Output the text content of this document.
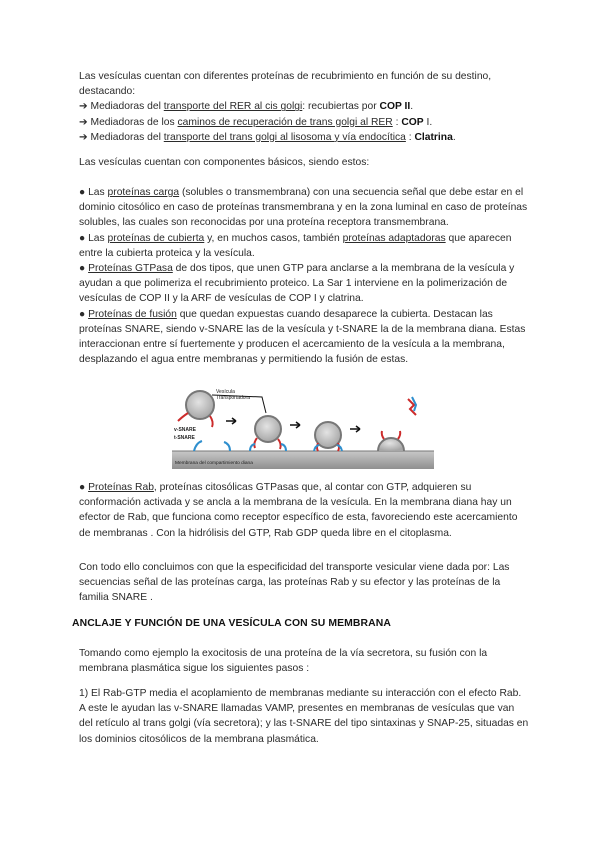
Las vesículas cuentan con diferentes proteínas de recubrimiento en función de su destino, destacando:
➔ Mediadoras del transporte del RER al cis golgi: recubiertas por COP II.
➔ Mediadoras de los caminos de recuperación de trans golgi al RER : COP I.
➔ Mediadoras del transporte del trans golgi al lisosoma y vía endocítica : Clatrina.
Las vesículas cuentan con componentes básicos, siendo estos:
● Las proteínas carga (solubles o transmembrana) con una secuencia señal que debe estar en el dominio citosólico en caso de proteínas transmembrana y en la zona luminal en caso de proteínas solubles, las cuales son reconocidas por una proteína receptora transmembrana.
● Las proteínas de cubierta y, en muchos casos, también proteínas adaptadoras que aparecen entre la cubierta proteica y la vesícula.
● Proteínas GTPasa de dos tipos, que unen GTP para anclarse a la membrana de la vesícula y ayudan a que polimeriza el recubrimiento proteico. La Sar 1 interviene en la polimerización de vesículas de COP II y la ARF de vesículas de COP I y clatrina.
● Proteínas de fusión que quedan expuestas cuando desaparece la cubierta. Destacan las proteínas SNARE, siendo v-SNARE las de la vesícula y t-SNARE la de la membrana diana. Estas interaccionan entre sí fuertemente y producen el acercamiento de la vesícula a la membrana, desplazando el agua entre membranas y permitiendo la fusión de estas.
Vesícula
Transportadora
v-SNARE
t-SNARE
Membrana del compartimiento diana
● Proteínas Rab, proteínas citosólicas GTPasas que, al contar con GTP, adquieren su conformación activada y se ancla a la membrana de la vesícula. En la membrana diana hay un efector de Rab, que funciona como receptor específico de esta, favoreciendo este acercamiento de membranas . Con la hidrólisis del GTP, Rab GDP queda libre en el citoplasma.
Con todo ello concluimos con que la especificidad del transporte vesicular viene dada por: Las secuencias señal de las proteínas carga, las proteínas Rab y su efector y las proteínas de la familia SNARE .
ANCLAJE Y FUNCIÓN DE UNA VESÍCULA CON SU MEMBRANA
Tomando como ejemplo la exocitosis de una proteína de la vía secretora, su fusión con la membrana plasmática sigue los siguientes pasos :
1) El Rab-GTP media el acoplamiento de membranas mediante su interacción con el efecto Rab. A este le ayudan las v-SNARE llamadas VAMP, presentes en membranas de vesículas que van del retículo al trans golgi (vía secretora); y las t-SNARE del tipo sintaxinas y SNAP-25, situadas en los dominios citosólicos de la membrana plasmática.
